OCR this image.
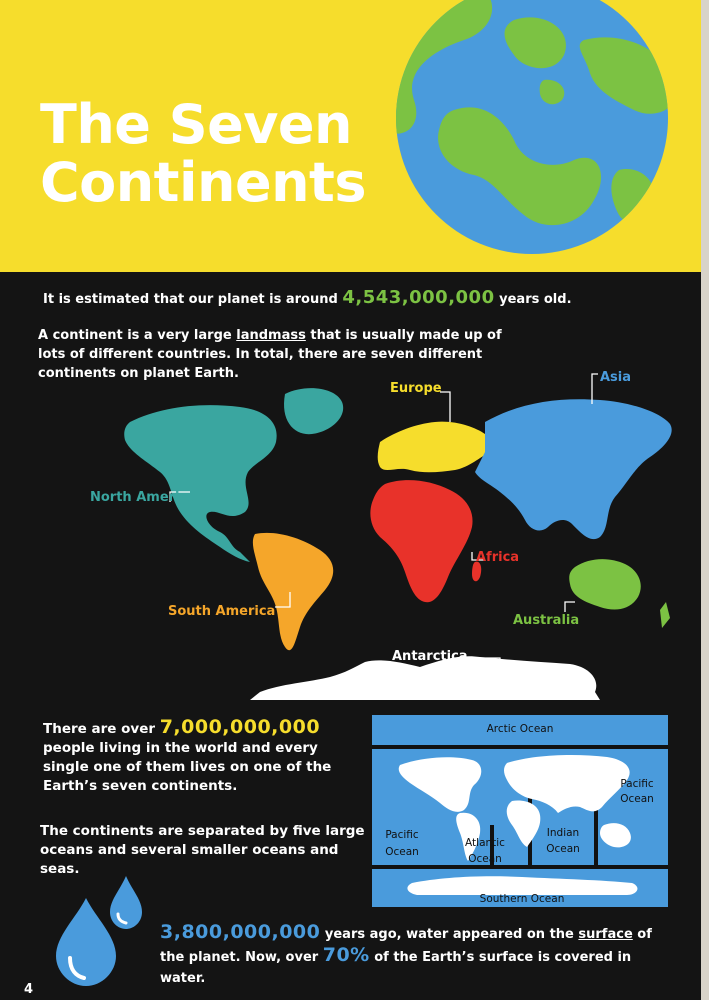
The Seven
Continents

It is estimated that our planet is around 4,543,000,000 years old.

A continent is a very large landmass that is usually made up of lots of different countries. In total, there are seven different continents on planet Earth.

North America
South America
Europe
Asia
Africa
Australia
Antarctica

There are over 7,000,000,000 people living in the world and every single one of them lives on one of the Earth’s seven continents.

The continents are separated by five large oceans and several smaller oceans and seas.

Arctic Ocean
Pacific
Ocean
Pacific
Ocean
Atlantic
Ocean
Indian
Ocean
Southern Ocean

3,800,000,000 years ago, water appeared on the surface of the planet. Now, over 70% of the Earth’s surface is covered in water.

4
